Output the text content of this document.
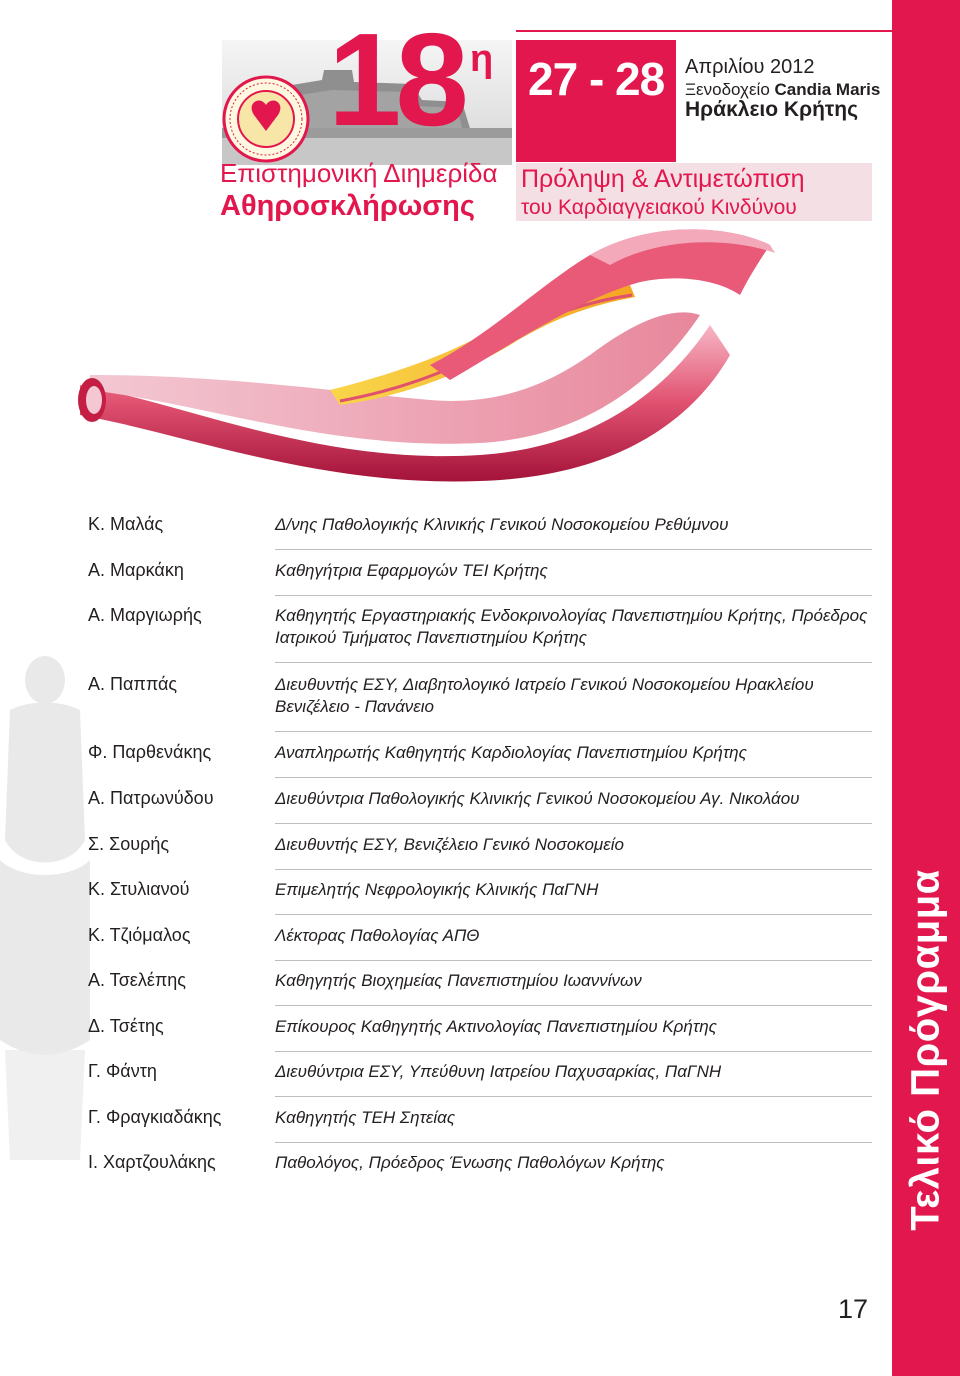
Τελικό Πρόγραμμα
18 η
Επιστημονική Διημερίδα
Αθηροσκλήρωσης
27 - 28 Απριλίου 2012
Ξενοδοχείο Candia Maris
Ηράκλειο Κρήτης
Πρόληψη & Αντιμετώπιση
του Καρδιαγγειακού Κινδύνου
Κ. Μαλάς	Δ/νης Παθολογικής Κλινικής Γενικού Νοσοκομείου Ρεθύμνου
Α. Μαρκάκη	Καθηγήτρια Εφαρμογών ΤΕΙ Κρήτης
Α. Μαργιωρής	Καθηγητής Εργαστηριακής Ενδοκρινολογίας Πανεπιστημίου Κρήτης, Πρόεδρος Ιατρικού Τμήματος Πανεπιστημίου Κρήτης
Α. Παππάς	Διευθυντής ΕΣΥ, Διαβητολογικό Ιατρείο Γενικού Νοσοκομείου Ηρακλείου Βενιζέλειο - Πανάνειο
Φ. Παρθενάκης	Αναπληρωτής Καθηγητής Καρδιολογίας Πανεπιστημίου Κρήτης
Α. Πατρωνύδου	Διευθύντρια Παθολογικής Κλινικής Γενικού Νοσοκομείου Αγ. Νικολάου
Σ. Σουρής	Διευθυντής ΕΣΥ, Βενιζέλειο Γενικό Νοσοκομείο
Κ. Στυλιανού	Επιμελητής Νεφρολογικής Κλινικής ΠαΓΝΗ
Κ. Τζιόμαλος	Λέκτορας Παθολογίας ΑΠΘ
Α. Τσελέπης	Καθηγητής Βιοχημείας Πανεπιστημίου Ιωαννίνων
Δ. Τσέτης	Επίκουρος Καθηγητής Ακτινολογίας Πανεπιστημίου Κρήτης
Γ. Φάντη	Διευθύντρια ΕΣΥ, Υπεύθυνη Ιατρείου Παχυσαρκίας, ΠαΓΝΗ
Γ. Φραγκιαδάκης	Καθηγητής ΤΕΗ Σητείας
Ι. Χαρτζουλάκης	Παθολόγος, Πρόεδρος Ένωσης Παθολόγων Κρήτης
17
